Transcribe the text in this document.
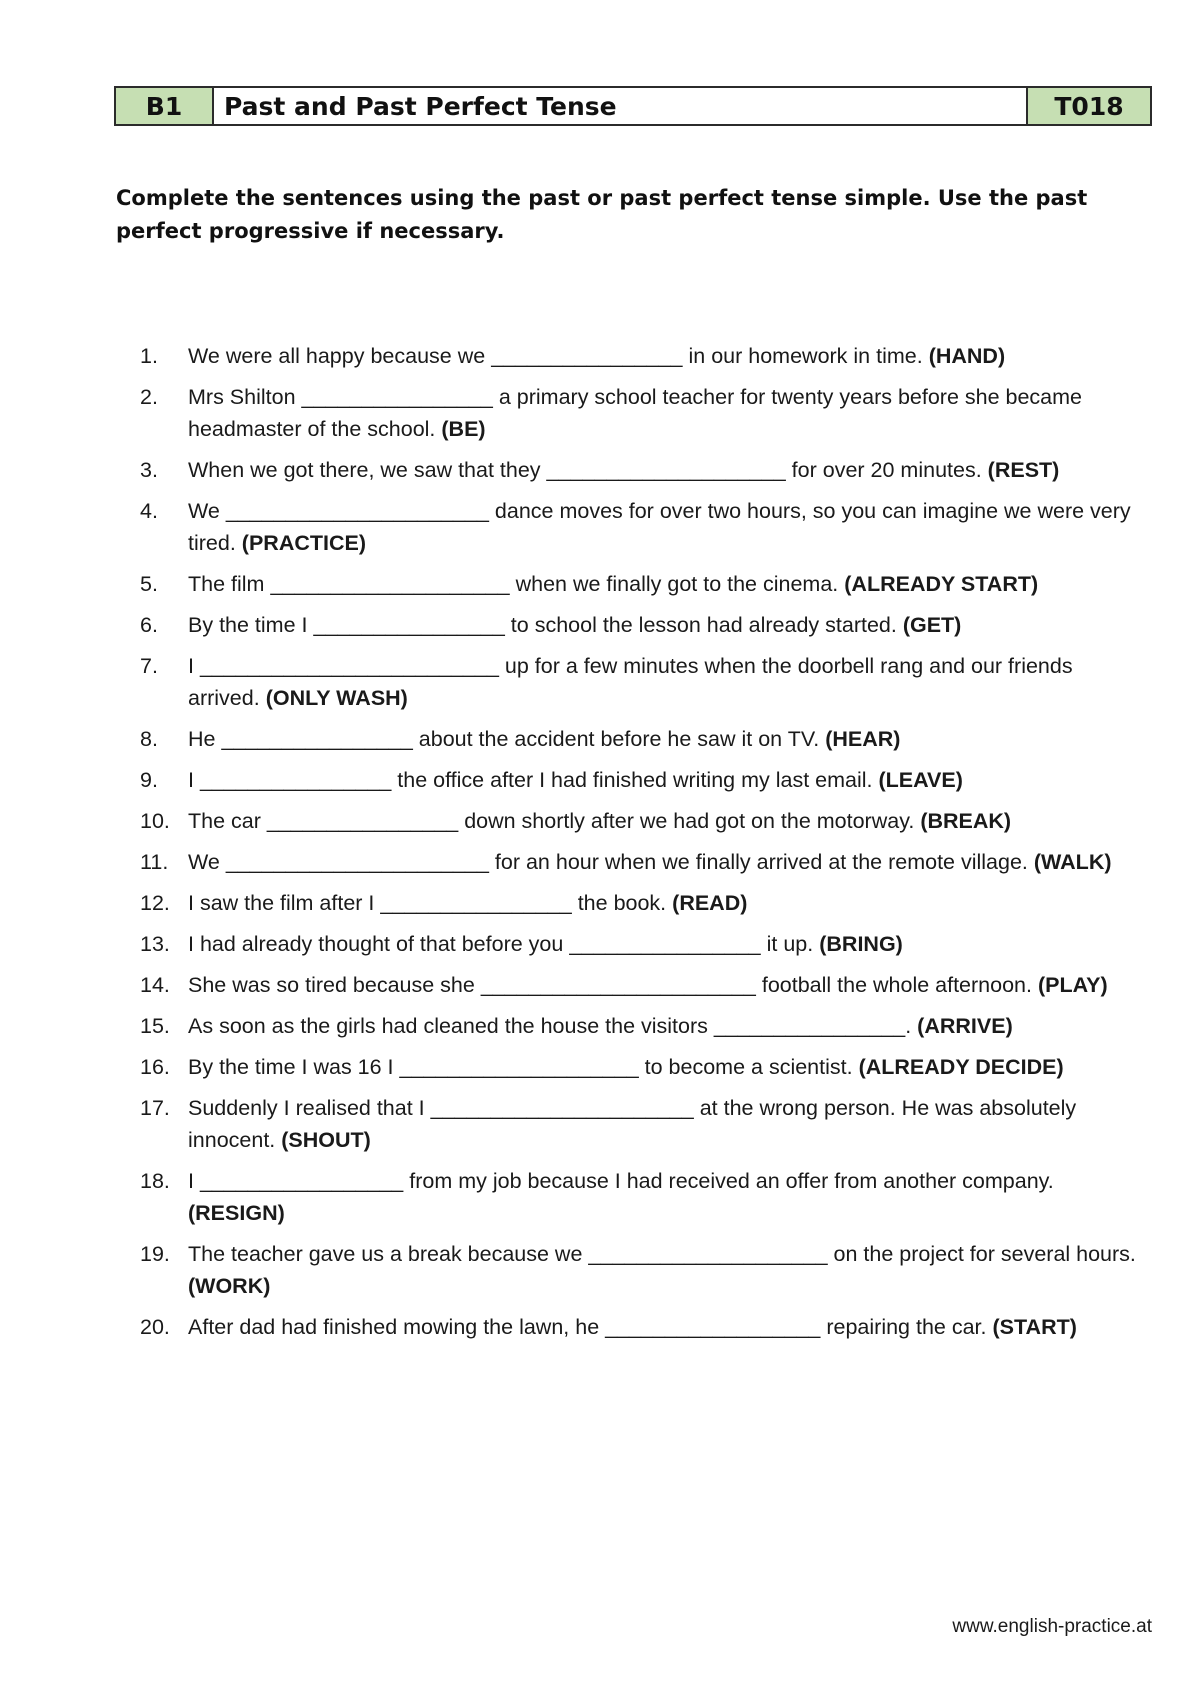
B1	Past and Past Perfect Tense	T018
Complete the sentences using the past or past perfect tense simple. Use the past perfect progressive if necessary.
1.	We were all happy because we ________________ in our homework in time. (HAND)
2.	Mrs Shilton ________________ a primary school teacher for twenty years before she became headmaster of the school. (BE)
3.	When we got there, we saw that they ____________________ for over 20 minutes. (REST)
4.	We ______________________ dance moves for over two hours, so you can imagine we were very tired. (PRACTICE)
5.	The film ____________________ when we finally got to the cinema. (ALREADY START)
6.	By the time I ________________ to school the lesson had already started. (GET)
7.	I _________________________ up for a few minutes when the doorbell rang and our friends arrived. (ONLY WASH)
8.	He ________________ about the accident before he saw it on TV. (HEAR)
9.	I ________________ the office after I had finished writing my last email. (LEAVE)
10. The car ________________ down shortly after we had got on the motorway. (BREAK)
11. We ______________________ for an hour when we finally arrived at the remote village. (WALK)
12. I saw the film after I ________________ the book. (READ)
13. I had already thought of that before you ________________ it up. (BRING)
14. She was so tired because she _______________________ football the whole afternoon. (PLAY)
15. As soon as the girls had cleaned the house the visitors ________________. (ARRIVE)
16. By the time I was 16 I ____________________ to become a scientist. (ALREADY DECIDE)
17. Suddenly I realised that I ______________________ at the wrong person. He was absolutely innocent. (SHOUT)
18. I _________________ from my job because I had received an offer from another company. (RESIGN)
19. The teacher gave us a break because we ____________________ on the project for several hours. (WORK)
20. After dad had finished mowing the lawn, he __________________ repairing the car. (START)
www.english-practice.at
